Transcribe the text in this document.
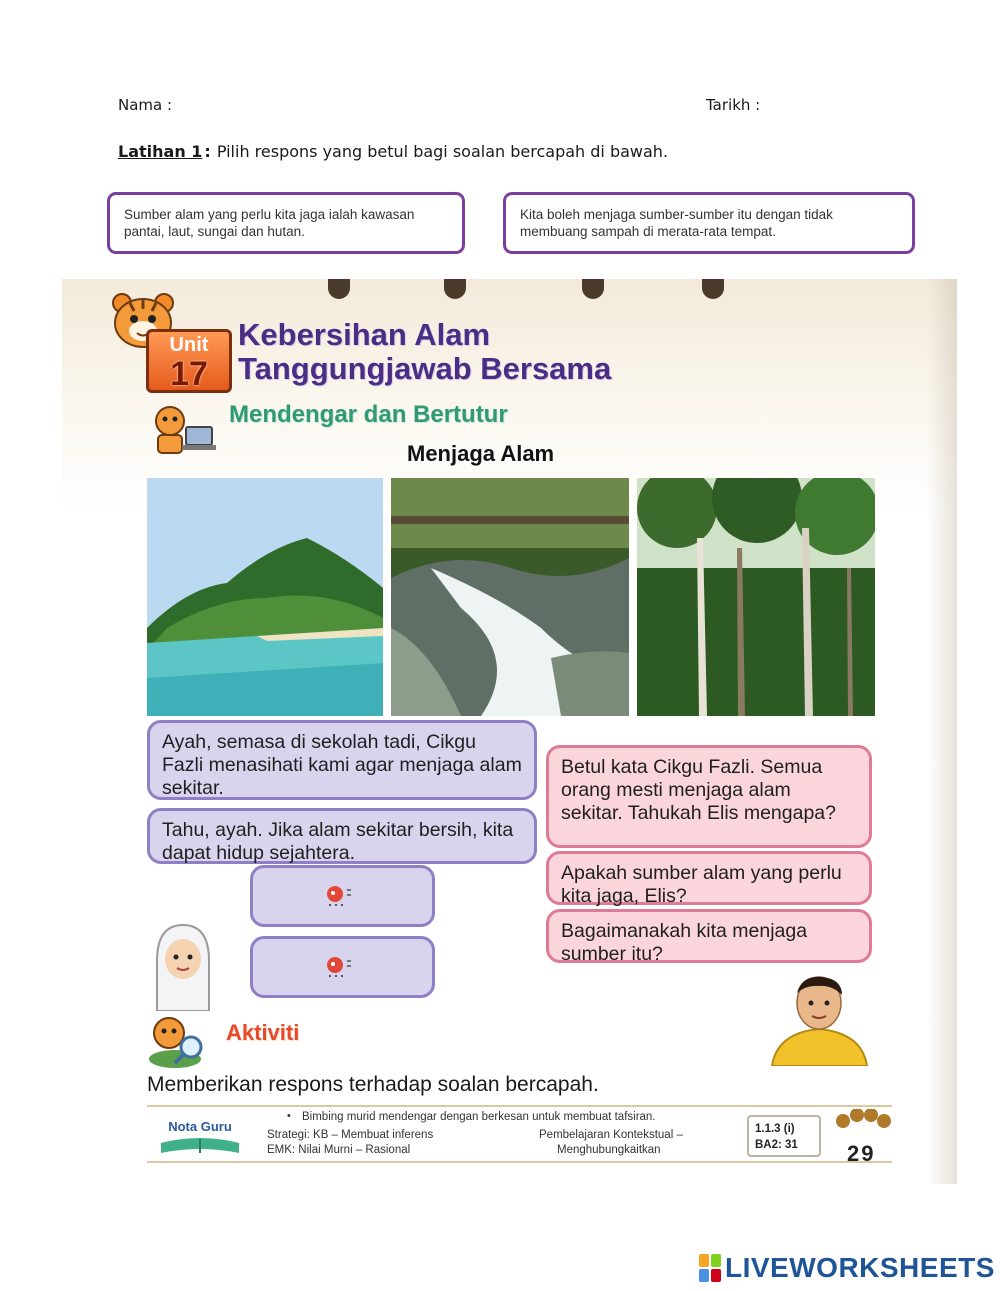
Nama :	Tarikh :
Latihan 1 : Pilih respons yang betul bagi soalan bercapah di bawah.
Sumber alam yang perlu kita jaga ialah kawasan pantai, laut, sungai dan hutan.
Kita boleh menjaga sumber-sumber itu dengan tidak membuang sampah di merata-rata tempat.
Unit
17
Kebersihan Alam
Tanggungjawab Bersama
Mendengar dan Bertutur
Menjaga Alam
Ayah, semasa di sekolah tadi, Cikgu Fazli menasihati kami agar menjaga alam sekitar.
Tahu, ayah. Jika alam sekitar bersih, kita dapat hidup sejahtera.
Betul kata Cikgu Fazli. Semua orang mesti menjaga alam sekitar. Tahukah Elis mengapa?
Apakah sumber alam yang perlu kita jaga, Elis?
Bagaimanakah kita menjaga sumber itu?
Aktiviti
Memberikan respons terhadap soalan bercapah.
Nota Guru
• Bimbing murid mendengar dengan berkesan untuk membuat tafsiran.
Strategi: KB – Membuat inferens
EMK: Nilai Murni – Rasional
Pembelajaran Kontekstual –
Menghubungkaitkan
1.1.3 (i)
BA2: 31	29
LIVEWORKSHEETS
